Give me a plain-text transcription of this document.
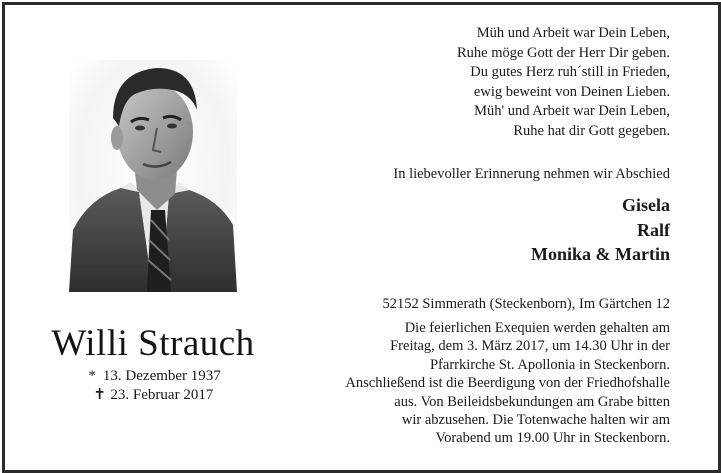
Willi Strauch
* 13. Dezember 1937
✝ 23. Februar 2017
Müh und Arbeit war Dein Leben,
Ruhe möge Gott der Herr Dir geben.
Du gutes Herz ruh´still in Frieden,
ewig beweint von Deinen Lieben.
Müh' und Arbeit war Dein Leben,
Ruhe hat dir Gott gegeben.
In liebevoller Erinnerung nehmen wir Abschied
Gisela
Ralf
Monika & Martin
52152 Simmerath (Steckenborn), Im Gärtchen 12
Die feierlichen Exequien werden gehalten am
Freitag, dem 3. März 2017, um 14.30 Uhr in der
Pfarrkirche St. Apollonia in Steckenborn.
Anschließend ist die Beerdigung von der Friedhofshalle
aus. Von Beileidsbekundungen am Grabe bitten
wir abzusehen. Die Totenwache halten wir am
Vorabend um 19.00 Uhr in Steckenborn.
